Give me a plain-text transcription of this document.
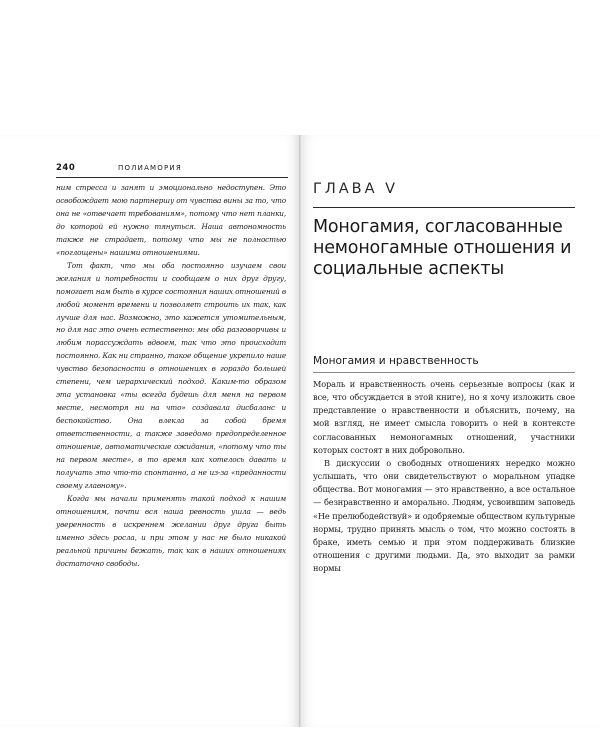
240	ПОЛИАМОРИЯ

ним стресса и занят и эмоционально недоступен. Это освобождает мою партнершу от чувства вины за то, что она не «отвечает требованиям», потому что нет планки, до которой ей нужно тянуться. Наша автономность также не страдает, потому что мы не полностью «поглощены» нашими отношениями.

Тот факт, что мы оба постоянно изучаем свои желания и потребности и сообщаем о них друг другу, помогает нам быть в курсе состояния наших отношений в любой момент времени и позволяет строить их так, как лучше для нас. Возможно, это кажется утомительным, но для нас это очень естественно: мы оба разговорчивы и любим порассуждать вдвоем, так что это происходит постоянно. Как ни странно, такое общение укрепило наше чувство безопасности в отношениях в гораздо большей степени, чем иерархический подход. Каким-то образом эта установка «ты всегда будешь для меня на первом месте, несмотря ни на что» создавала дисбаланс и беспокойство. Она влекла за собой бремя ответственности, а также заведомо предопределенное отношение, автоматические ожидания, «потому что ты на первом месте», в то время как хотелось давать и получать это что-то спонтанно, а не из-за «преданности своему главному».

Когда мы начали применять такой подход к нашим отношениям, почти вся наша ревность ушла — ведь уверенность в искреннем желании друг друга быть именно здесь росла, и при этом у нас не было никакой реальной причины бежать, так как в наших отношениях достаточно свободы.

ГЛАВА V
Моногамия, согласованные немоногамные отношения и социальные аспекты
Моногамия и нравственность

Мораль и нравственность очень серьезные вопросы (как и все, что обсуждается в этой книге), но я хочу изложить свое представление о нравственности и объяснить, почему, на мой взгляд, не имеет смысла говорить о ней в контексте согласованных немоногамных отношений, участники которых состоят в них добровольно.

В дискуссии о свободных отношениях нередко можно услышать, что они свидетельствуют о моральном упадке общества. Вот моногамия — это нравственно, а все остальное — безнравственно и аморально. Людям, усвоившим заповедь «Не прелюбодействуй» и одобряемые обществом культурные нормы, трудно принять мысль о том, что можно состоять в браке, иметь семью и при этом поддерживать близкие отношения с другими людьми. Да, это выходит за рамки нормы
